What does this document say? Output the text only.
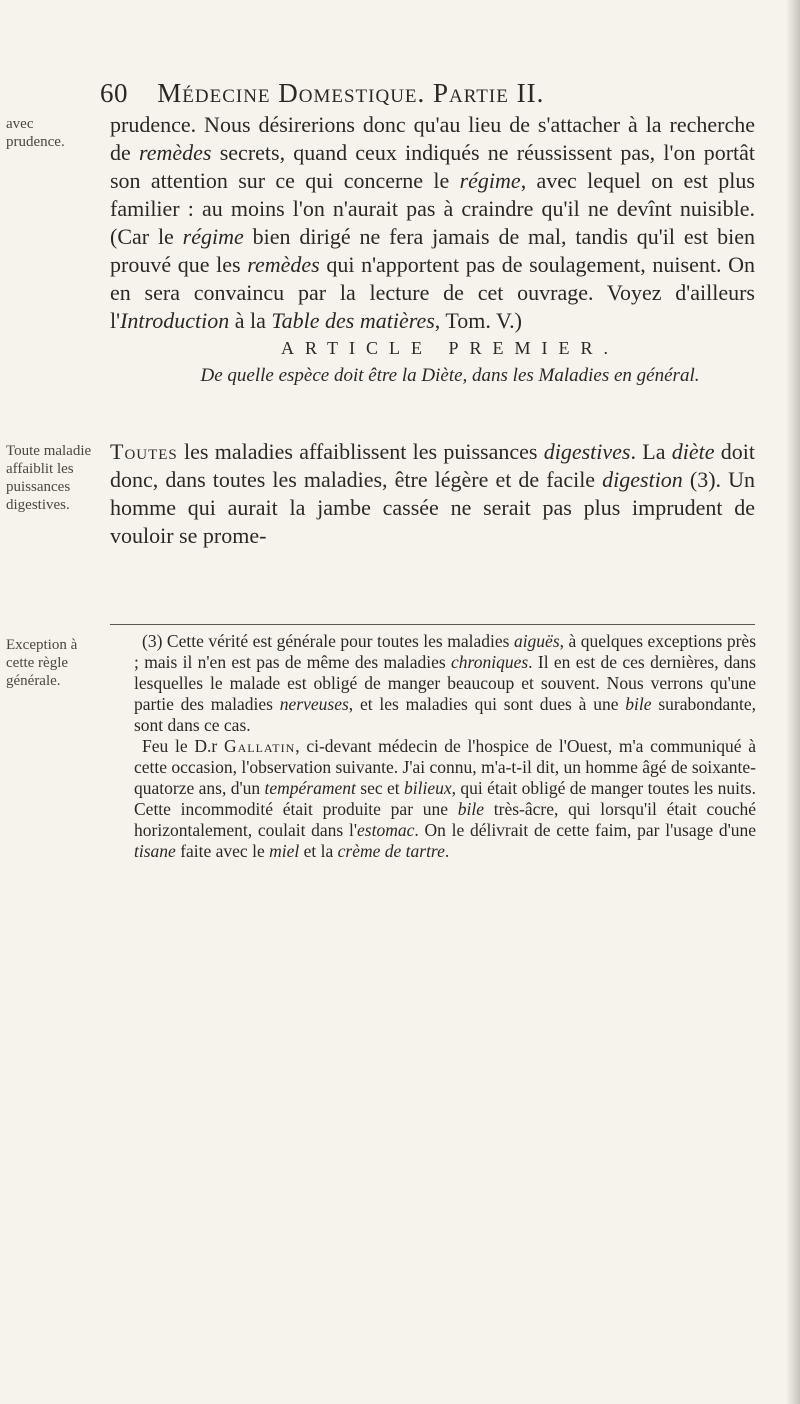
60 Médecine Domestique. Partie II.
avec prudence.
prudence. Nous désirerions donc qu'au lieu de s'attacher à la recherche de remèdes secrets, quand ceux indiqués ne réussissent pas, l'on portât son attention sur ce qui concerne le régime, avec lequel on est plus familier : au moins l'on n'aurait pas à craindre qu'il ne devînt nuisible. (Car le régime bien dirigé ne fera jamais de mal, tandis qu'il est bien prouvé que les remèdes qui n'apportent pas de soulagement, nuisent. On en sera convaincu par la lecture de cet ouvrage. Voyez d'ailleurs l'Introduction à la Table des matières, Tom. V.)
ARTICLE PREMIER.
De quelle espèce doit être la Diète, dans les Maladies en général.
Toute maladie affaiblit les puissances digestives.
Toutes les maladies affaiblissent les puissances digestives. La diète doit donc, dans toutes les maladies, être légère et de facile digestion (3). Un homme qui aurait la jambe cassée ne serait pas plus imprudent de vouloir se prome-
Exception à cette règle générale.
(3) Cette vérité est générale pour toutes les maladies aiguës, à quelques exceptions près ; mais il n'en est pas de même des maladies chroniques. Il en est de ces dernières, dans lesquelles le malade est obligé de manger beaucoup et souvent. Nous verrons qu'une partie des maladies nerveuses, et les maladies qui sont dues à une bile surabondante, sont dans ce cas.
Feu le D.r Gallatin, ci-devant médecin de l'hospice de l'Ouest, m'a communiqué à cette occasion, l'observation suivante. J'ai connu, m'a-t-il dit, un homme âgé de soixante-quatorze ans, d'un tempérament sec et bilieux, qui était obligé de manger toutes les nuits. Cette incommodité était produite par une bile très-âcre, qui lorsqu'il était couché horizontalement, coulait dans l'estomac. On le délivrait de cette faim, par l'usage d'une tisane faite avec le miel et la crème de tartre.
